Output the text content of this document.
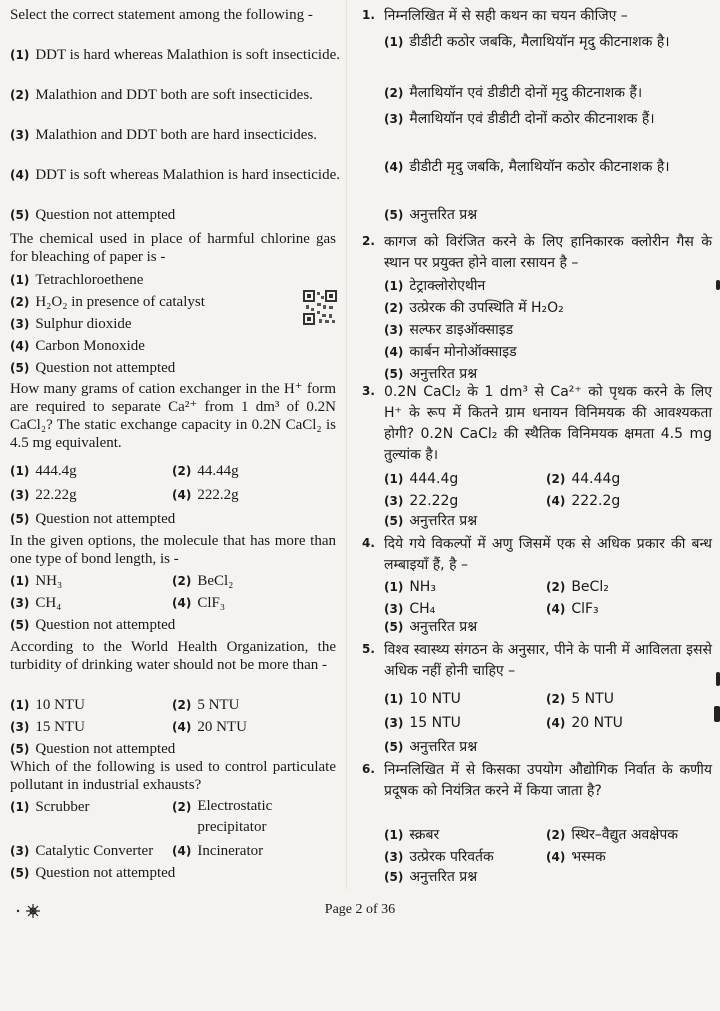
Select the correct statement among the following -
(1) DDT is hard whereas Malathion is soft insecticide.
(2) Malathion and DDT both are soft insecticides.
(3) Malathion and DDT both are hard insecticides.
(4) DDT is soft whereas Malathion is hard insecticide.
(5) Question not attempted
The chemical used in place of harmful chlorine gas for bleaching of paper is -
(1) Tetrachloroethene
(2) H₂O₂ in presence of catalyst
(3) Sulphur dioxide
(4) Carbon Monoxide
(5) Question not attempted
How many grams of cation exchanger in the H⁺ form are required to separate Ca²⁺ from 1 dm³ of 0.2N CaCl₂? The static exchange capacity in 0.2N CaCl₂ is 4.5 mg equivalent.
(1) 444.4g	(2) 44.44g
(3) 22.22g	(4) 222.2g
(5) Question not attempted
In the given options, the molecule that has more than one type of bond length, is -
(1) NH₃	(2) BeCl₂
(3) CH₄	(4) ClF₃
(5) Question not attempted
According to the World Health Organization, the turbidity of drinking water should not be more than -
(1) 10 NTU	(2) 5 NTU
(3) 15 NTU	(4) 20 NTU
(5) Question not attempted
Which of the following is used to control particulate pollutant in industrial exhausts?
(1) Scrubber	(2) Electrostatic precipitator
(3) Catalytic Converter (4) Incinerator
(5) Question not attempted
1. निम्नलिखित में से सही कथन का चयन कीजिए –
(1) डीडीटी कठोर जबकि, मैलाथियॉन मृदु कीटनाशक है।
(2) मैलाथियॉन एवं डीडीटी दोनों मृदु कीटनाशक हैं।
(3) मैलाथियॉन एवं डीडीटी दोनों कठोर कीटनाशक हैं।
(4) डीडीटी मृदु जबकि, मैलाथियॉन कठोर कीटनाशक है।
(5) अनुत्तरित प्रश्न
2. कागज को विरंजित करने के लिए हानिकारक क्लोरीन गैस के स्थान पर प्रयुक्त होने वाला रसायन है –
(1) टेट्राक्लोरोएथीन
(2) उत्प्रेरक की उपस्थिति में H₂O₂
(3) सल्फर डाइऑक्साइड
(4) कार्बन मोनोऑक्साइड
(5) अनुत्तरित प्रश्न
3. 0.2N CaCl₂ के 1 dm³ से Ca²⁺ को पृथक करने के लिए H⁺ के रूप में कितने ग्राम धनायन विनिमयक की आवश्यकता होगी? 0.2N CaCl₂ की स्थैतिक विनिमयक क्षमता 4.5 mg तुल्यांक है।
(1) 444.4g	(2) 44.44g
(3) 22.22g	(4) 222.2g
(5) अनुत्तरित प्रश्न
4. दिये गये विकल्पों में अणु जिसमें एक से अधिक प्रकार की बन्ध लम्बाइयाँ हैं, है –
(1) NH₃	(2) BeCl₂
(3) CH₄	(4) ClF₃
(5) अनुत्तरित प्रश्न
5. विश्व स्वास्थ्य संगठन के अनुसार, पीने के पानी में आविलता इससे अधिक नहीं होनी चाहिए –
(1) 10 NTU	(2) 5 NTU
(3) 15 NTU	(4) 20 NTU
(5) अनुत्तरित प्रश्न
6. निम्नलिखित में से किसका उपयोग औद्योगिक निर्वात के कणीय प्रदूषक को नियंत्रित करने में किया जाता है?
(1) स्क्रबर	(2) स्थिर–वैद्युत अवक्षेपक
(3) उत्प्रेरक परिवर्तक	(4) भस्मक
(5) अनुत्तरित प्रश्न
Page 2 of 36
